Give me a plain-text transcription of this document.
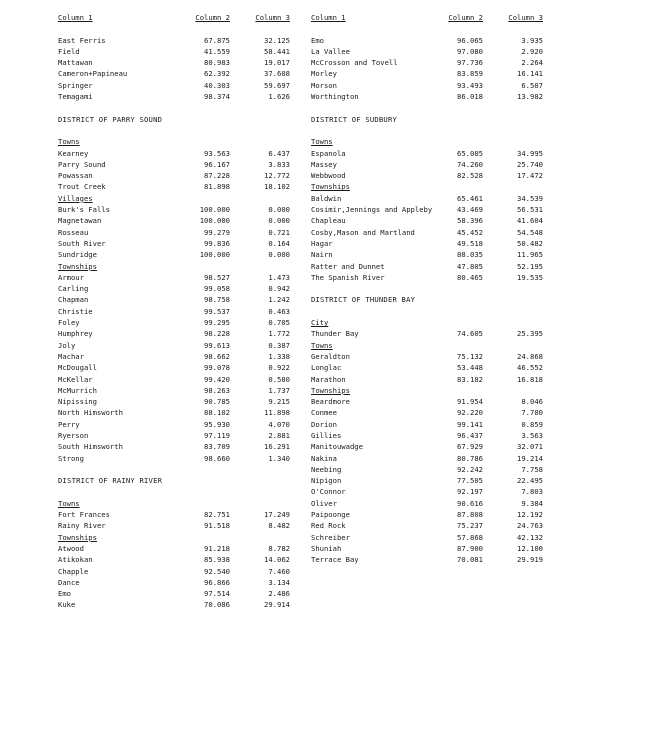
Column 1	Column 2	Column 3
East Ferris	67.875	32.125
Field	41.559	58.441
Mattawan	80.983	19.017
Cameron+Papineau	62.392	37.608
Springer	40.303	59.697
Temagami	98.374	1.626
DISTRICT OF PARRY SOUND
Towns
Kearney	93.563	6.437
Parry Sound	96.167	3.833
Powassan	87.228	12.772
Trout Creek	81.898	18.102
Villages
Burk's Falls	100.000	0.000
Magnetawan	100.000	0.000
Rosseau	99.279	0.721
South River	99.836	0.164
Sundridge	100.000	0.000
Townships
Armour	98.527	1.473
Carling	99.058	0.942
Chapman	98.758	1.242
Christie	99.537	0.463
Foley	99.295	0.705
Humphrey	98.228	1.772
Joly	99.613	0.387
Machar	98.662	1.338
McDougall	99.078	0.922
McKellar	99.420	0.580
McMurrich	98.263	1.737
Nipissing	90.785	9.215
North Himsworth	88.102	11.898
Perry	95.930	4.070
Ryerson	97.119	2.881
South Himsworth	83.709	16.291
Strong	98.660	1.340
DISTRICT OF RAINY RIVER
Towns
Fort Frances	82.751	17.249
Rainy River	91.518	8.482
Townships
Atwood	91.218	8.782
Atikokan	85.938	14.062
Chapple	92.540	7.460
Dance	96.866	3.134
Emo	97.514	2.486
Kuke	70.086	29.914
Column 1	Column 2	Column 3
Emo	96.065	3.935
La Vallee	97.080	2.920
McCrosson and Tovell	97.736	2.264
Morley	83.859	16.141
Morson	93.493	6.507
Worthington	86.018	13.982
DISTRICT OF SUDBURY
Towns
Espanola	65.005	34.995
Massey	74.260	25.740
Webbwood	82.528	17.472
Townships
Baldwin	65.461	34.539
Cosimir,Jennings and Appleby	43.469	56.531
Chapleau	58.396	41.604
Cosby,Mason and Martland	45.452	54.548
Hagar	49.518	50.482
Nairn	88.035	11.965
Ratter and Dunnet	47.805	52.195
The Spanish River	80.465	19.535
DISTRICT OF THUNDER BAY
City
Thunder Bay	74.605	25.395
Towns
Geraldton	75.132	24.868
Longlac	53.448	46.552
Marathon	83.182	16.818
Townships
Beardmore	91.954	8.046
Conmee	92.220	7.780
Dorion	99.141	0.859
Gillies	96.437	3.563
Manitouwadge	67.929	32.071
Nakina	80.786	19.214
Neebing	92.242	7.758
Nipigon	77.505	22.495
O'Connor	92.197	7.803
Oliver	90.616	9.384
Paipoonge	87.808	12.192
Red Rock	75.237	24.763
Schreiber	57.868	42.132
Shuniah	87.900	12.100
Terrace Bay	70.081	29.919
